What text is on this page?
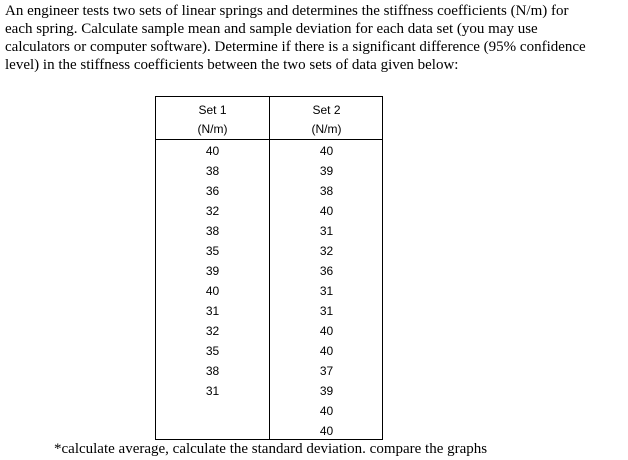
An engineer tests two sets of linear springs and determines the stiffness coefficients (N/m) for
each spring. Calculate sample mean and sample deviation for each data set (you may use
calculators or computer software). Determine if there is a significant difference (95% confidence
level) in the stiffness coefficients between the two sets of data given below:
Set 1
(N/m)
40
38
36
32
38
35
39
40
31
32
35
38
31
Set 2
(N/m)
40
39
38
40
31
32
36
31
31
40
40
37
39
40
40

*calculate average, calculate the standard deviation. compare the graphs
